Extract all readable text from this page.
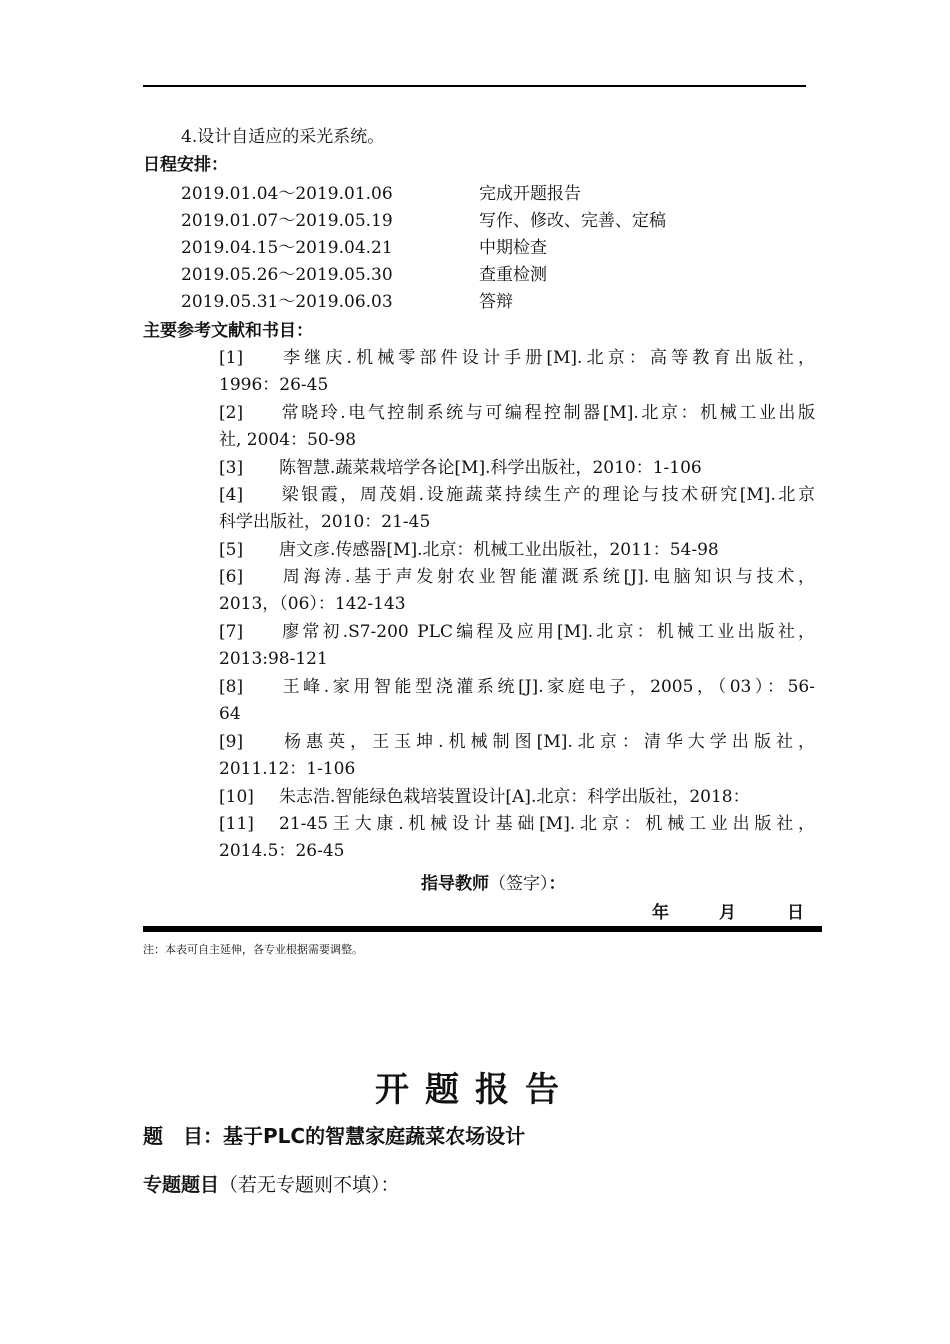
4.设计自适应的采光系统。
日程安排：
2019.01.04～2019.01.06	完成开题报告
2019.01.07～2019.05.19	写作、修改、完善、定稿
2019.04.15～2019.04.21	中期检查
2019.05.26～2019.05.30	查重检测
2019.05.31～2019.06.03	答辩
主要参考文献和书目：
[1] 李继庆.机械零部件设计手册[M].北京：高等教育出版社，
1996：26-45
[2] 常晓玲.电气控制系统与可编程控制器[M].北京：机械工业出版
社, 2004：50-98
[3] 陈智慧.蔬菜栽培学各论[M].科学出版社，2010：1-106
[4] 梁银霞，周茂娟.设施蔬菜持续生产的理论与技术研究[M].北京
科学出版社，2010：21-45
[5] 唐文彦.传感器[M].北京：机械工业出版社，2011：54-98
[6] 周海涛.基于声发射农业智能灌溉系统[J].电脑知识与技术，
2013，（06）：142-143
[7] 廖常初.S7-200 PLC编程及应用[M].北京：机械工业出版社，
2013:98-121
[8] 王峰.家用智能型浇灌系统[J].家庭电子，2005，（03）：56-
64
[9] 杨惠英，王玉坤.机械制图[M].北京：清华大学出版社，
2011.12：1-106
[10] 朱志浩.智能绿色栽培装置设计[A].北京：科学出版社，2018：
[11] 21-45王大康.机械设计基础[M].北京：机械工业出版社，
2014.5：26-45
指导教师（签字）：
年	月	日
注：本表可自主延伸，各专业根据需要调整。
开题报告
题　目：基于PLC的智慧家庭蔬菜农场设计
专题题目（若无专题则不填）：
